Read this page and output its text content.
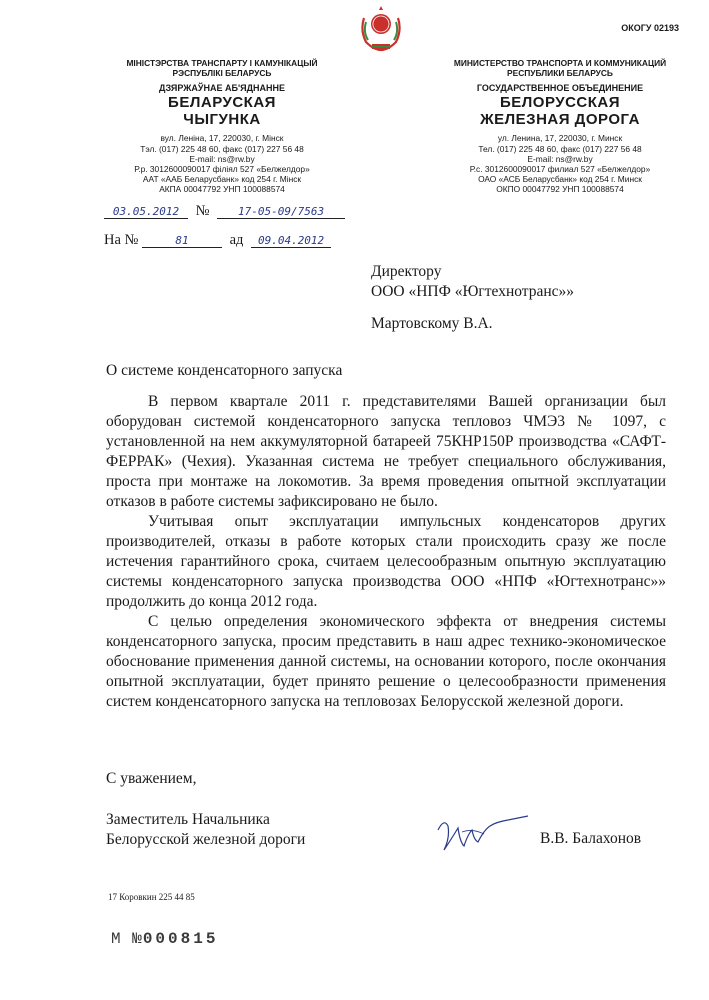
ОКОГУ 02193
МІНІСТЭРСТВА ТРАНСПАРТУ І КАМУНІКАЦЫЙ
РЭСПУБЛІКІ БЕЛАРУСЬ
ДЗЯРЖАЎНАЕ АБ'ЯДНАННЕ
БЕЛАРУСКАЯ
ЧЫГУНКА
вул. Леніна, 17, 220030, г. Мінск
Тэл. (017) 225 48 60, факс (017) 227 56 48
E-mail: ns@rw.by
Р.р. 3012600090017 філіял 527 «Бeлжелдор»
ААТ «ААБ Беларусбанк» код 254 г. Мінск
АКПА 00047792 УНП 100088574
МИНИСТЕРСТВО ТРАНСПОРТА И КОММУНИКАЦИЙ
РЕСПУБЛИКИ БЕЛАРУСЬ
ГОСУДАРСТВЕННОЕ ОБЪЕДИНЕНИЕ
БЕЛОРУССКАЯ
ЖЕЛЕЗНАЯ ДОРОГА
ул. Ленина, 17, 220030, г. Минск
Тел. (017) 225 48 60, факс (017) 227 56 48
E-mail: ns@rw.by
Р.с. 3012600090017 филиал 527 «Белжелдор»
ОАО «АСБ Беларусбанк» код 254 г. Минск
ОКПО 00047792 УНП 100088574
03.05.2012 №	17-05-09/7563
На №	81	ад 09.04.2012
Директору
ООО «НПФ «Югтехнотранс»»
Мартовскому В.А.
О системе конденсаторного запуска

В первом квартале 2011 г. представителями Вашей организации был оборудован системой конденсаторного запуска тепловоз ЧМЭ3 № 1097, с установленной на нем аккумуляторной батареей 75КНР150Р производства «САФТ-ФЕРРАК» (Чехия). Указанная система не требует специального обслуживания, проста при монтаже на локомотив. За время проведения опытной эксплуатации отказов в работе системы зафиксировано не было.

Учитывая опыт эксплуатации импульсных конденсаторов других производителей, отказы в работе которых стали происходить сразу же после истечения гарантийного срока, считаем целесообразным опытную эксплуатацию системы конденсаторного запуска производства ООО «НПФ «Югтехнотранс»» продолжить до конца 2012 года.

С целью определения экономического эффекта от внедрения системы конденсаторного запуска, просим представить в наш адрес технико-экономическое обоснование применения данной системы, на основании которого, после окончания опытной эксплуатации, будет принято решение о целесообразности применения систем конденсаторного запуска на тепловозах Белорусской железной дороги.

С уважением,
Заместитель Начальника
Белорусской железной дороги	В.В. Балахонов
17 Коровкин 225 44 85
М №000815
